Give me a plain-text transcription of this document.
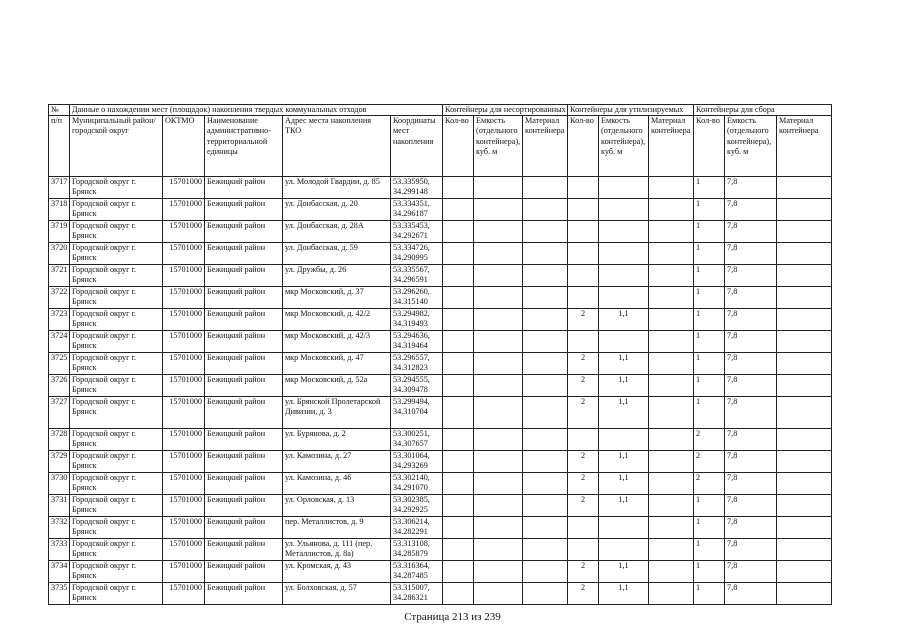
№	Данные о нахождении мест (площадок) накопления твердых коммунальных отходов					Контейнеры для несортированных			Контейнеры для утилизируемых			Контейнеры для сбора		
п/п	Муниципальный район/городской округ	ОКТМО	Наименование административно-территориальной единицы	Адрес места накопления ТКО	Координаты мест накопления	Кол-во	Емкость (отдельного контейнера), куб. м	Материал контейнера	Кол-во	Емкость (отдельного контейнера), куб. м	Материал контейнера	Кол-во	Емкость (отдельного контейнера), куб. м	Материал контейнера
3717	Городской округ г. Брянск	15701000	Бежицкий район	ул. Молодой Гвардии, д. 85	53.335950, 34.299148							1	7,8	
3718	Городской округ г. Брянск	15701000	Бежицкий район	ул. Донбасская, д. 20	53.334351, 34.296187							1	7,8	
3719	Городской округ г. Брянск	15701000	Бежицкий район	ул. Донбасская, д. 28А	53.335453, 34.292671							1	7,8	
3720	Городской округ г. Брянск	15701000	Бежицкий район	ул. Донбасская, д. 59	53.334726, 34.290995							1	7,8	
3721	Городской округ г. Брянск	15701000	Бежицкий район	ул. Дружбы, д. 26	53.335567, 34.296591							1	7,8	
3722	Городской округ г. Брянск	15701000	Бежицкий район	мкр Московский, д. 37	53.296260, 34.315140							1	7,8	
3723	Городской округ г. Брянск	15701000	Бежицкий район	мкр Московский, д. 42/2	53.294982, 34.319493				2	1,1		1	7,8	
3724	Городской округ г. Брянск	15701000	Бежицкий район	мкр Московский, д. 42/3	53.294636, 34.319464							1	7,8	
3725	Городской округ г. Брянск	15701000	Бежицкий район	мкр Московский, д. 47	53.296557, 34.312823				2	1,1		1	7,8	
3726	Городской округ г. Брянск	15701000	Бежицкий район	мкр Московский, д. 52а	53.294555, 34.309478				2	1,1		1	7,8	
3727	Городской округ г. Брянск	15701000	Бежицкий район	ул. Брянской Пролетарской Дивизии, д. 3	53.299494, 34.310704				2	1,1		1	7,8	
3728	Городской округ г. Брянск	15701000	Бежицкий район	ул. Бурянова, д. 2	53.300251, 34.307657							2	7,8	
3729	Городской округ г. Брянск	15701000	Бежицкий район	ул. Камозина, д. 27	53.301064, 34.293269				2	1,1		2	7,8	
3730	Городской округ г. Брянск	15701000	Бежицкий район	ул. Камозина, д. 46	53.302140, 34.291070				2	1,1		2	7,8	
3731	Городской округ г. Брянск	15701000	Бежицкий район	ул. Орловская, д. 13	53.302385, 34.292925				2	1,1		1	7,8	
3732	Городской округ г. Брянск	15701000	Бежицкий район	пер. Металлистов, д. 9	53.306214, 34.282291							1	7,8	
3733	Городской округ г. Брянск	15701000	Бежицкий район	ул. Ульянова, д. 111 (пер. Металлистов, д. 8а)	53.313108, 34.285879							1	7,8	
3734	Городской округ г. Брянск	15701000	Бежицкий район	ул. Кромская, д. 43	53.316364, 34.287485				2	1,1		1	7,8	
3735	Городской округ г. Брянск	15701000	Бежицкий район	ул. Болховская, д. 57	53.315007, 34.286321				2	1,1		1	7,8	
Страница 213 из 239
